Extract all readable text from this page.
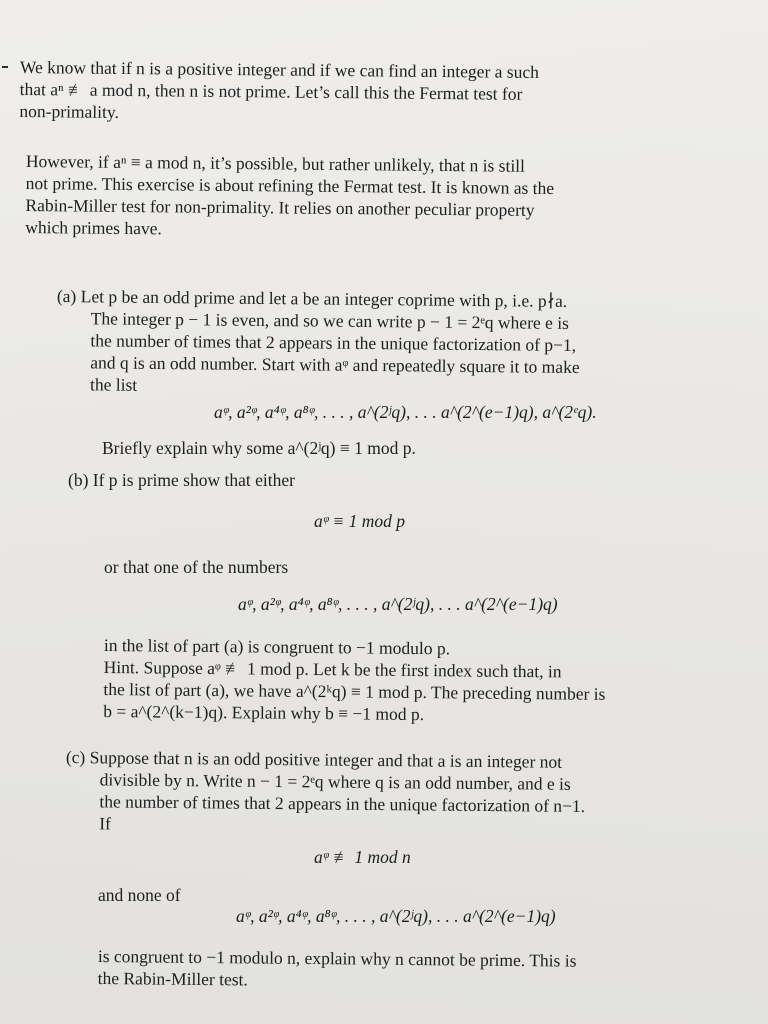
We know that if n is a positive integer and if we can find an integer a such
that aⁿ ≢ a mod n, then n is not prime. Let’s call this the Fermat test for
non-primality.
However, if aⁿ ≡ a mod n, it’s possible, but rather unlikely, that n is still
not prime. This exercise is about refining the Fermat test. It is known as the
Rabin-Miller test for non-primality. It relies on another peculiar property
which primes have.
(a) Let p be an odd prime and let a be an integer coprime with p, i.e. p∤a.
The integer p − 1 is even, and so we can write p − 1 = 2ᵉq where e is
the number of times that 2 appears in the unique factorization of p−1,
and q is an odd number. Start with aᵠ and repeatedly square it to make
the list
aᵠ, a²ᵠ, a⁴ᵠ, a⁸ᵠ, . . . , a^(2ʲq), . . . a^(2^(e−1)q), a^(2ᵉq).
Briefly explain why some a^(2ʲq) ≡ 1 mod p.
(b) If p is prime show that either
aᵠ ≡ 1 mod p
or that one of the numbers
aᵠ, a²ᵠ, a⁴ᵠ, a⁸ᵠ, . . . , a^(2ʲq), . . . a^(2^(e−1)q)
in the list of part (a) is congruent to −1 modulo p.
Hint. Suppose aᵠ ≢ 1 mod p. Let k be the first index such that, in
the list of part (a), we have a^(2ᵏq) ≡ 1 mod p. The preceding number is
b = a^(2^(k−1)q). Explain why b ≡ −1 mod p.
(c) Suppose that n is an odd positive integer and that a is an integer not
divisible by n. Write n − 1 = 2ᵉq where q is an odd number, and e is
the number of times that 2 appears in the unique factorization of n−1.
If
aᵠ ≢ 1 mod n
and none of
aᵠ, a²ᵠ, a⁴ᵠ, a⁸ᵠ, . . . , a^(2ʲq), . . . a^(2^(e−1)q)
is congruent to −1 modulo n, explain why n cannot be prime. This is
the Rabin-Miller test.
